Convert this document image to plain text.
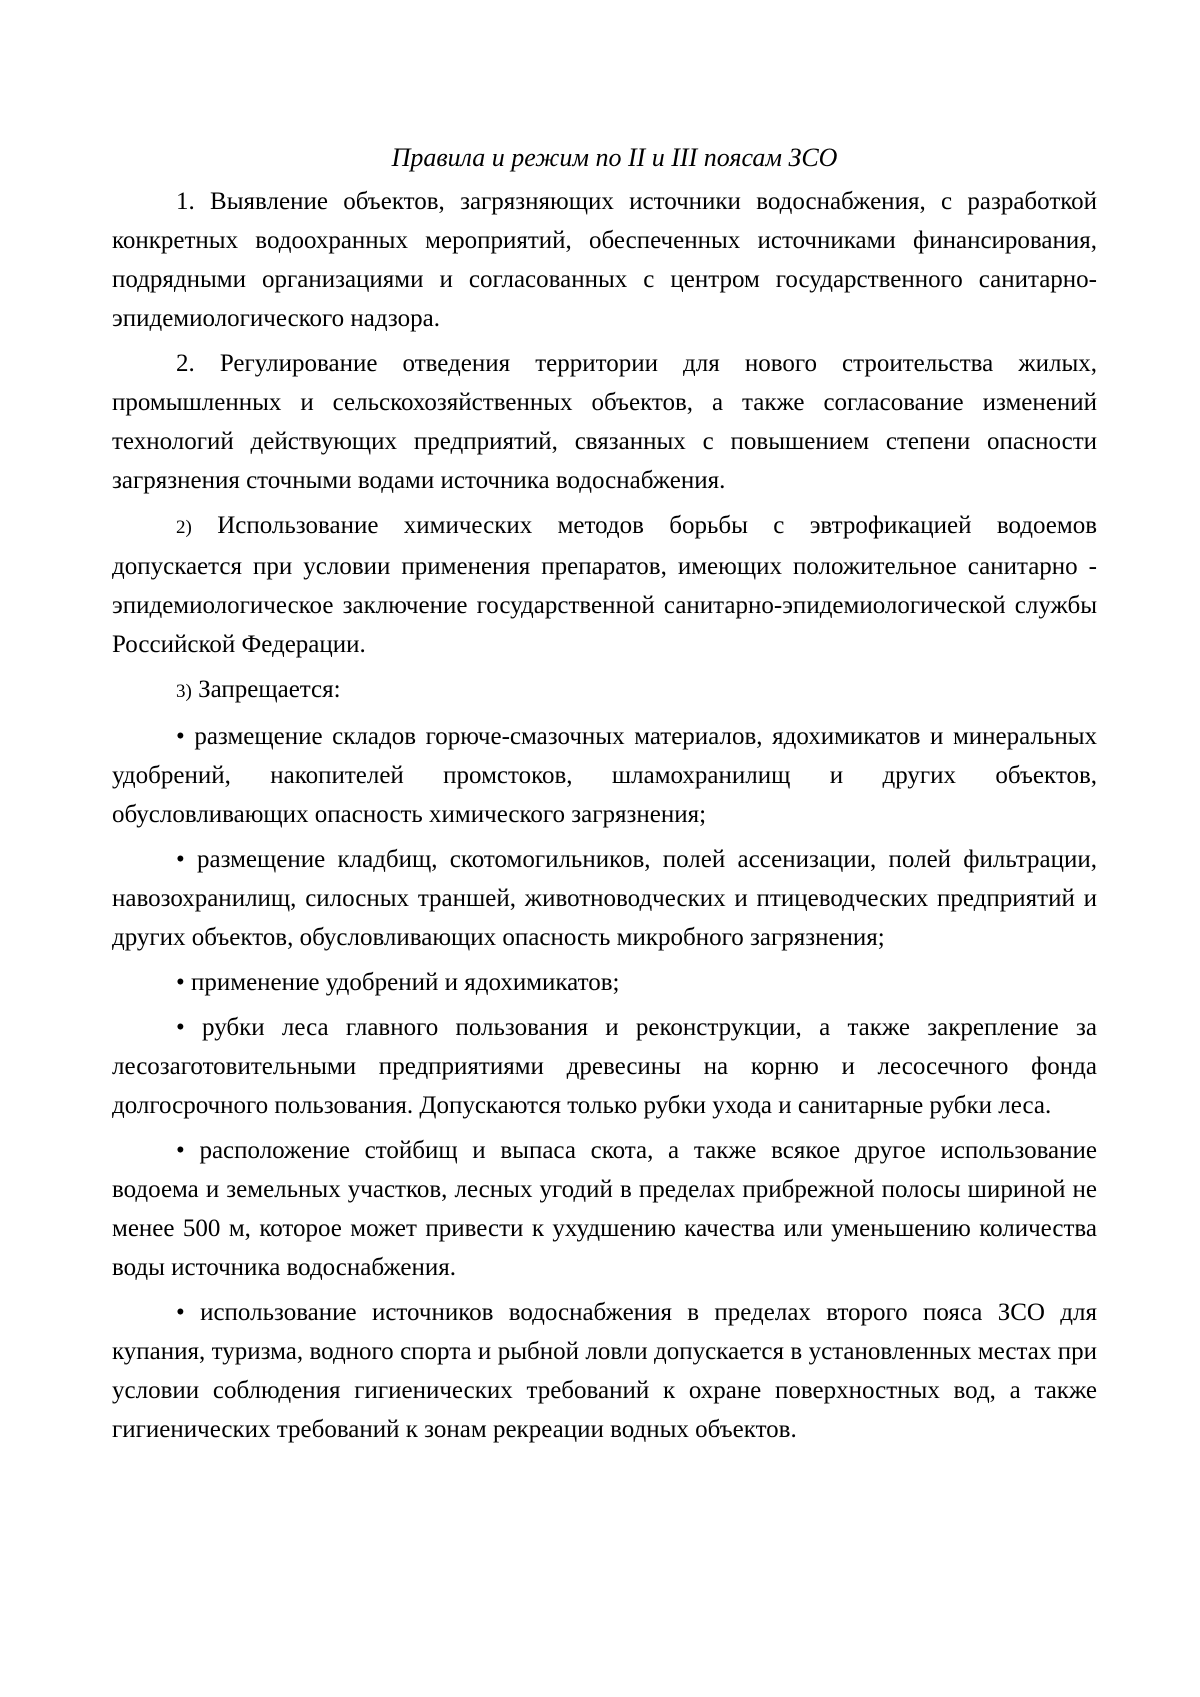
Правила и режим по II и III поясам ЗСО

1. Выявление объектов, загрязняющих источники водоснабжения, с разработкой конкретных водоохранных мероприятий, обеспеченных источниками финансирования, подрядными организациями и согласованных с центром государственного санитарно-эпидемиологического надзора.

2. Регулирование отведения территории для нового строительства жилых, промышленных и сельскохозяйственных объектов, а также согласование изменений технологий действующих предприятий, связанных с повышением степени опасности загрязнения сточными водами источника водоснабжения.

2) Использование химических методов борьбы с эвтрофикацией водоемов допускается при условии применения препаратов, имеющих положительное санитарно - эпидемиологическое заключение государственной санитарно-эпидемиологической службы Российской Федерации.

3) Запрещается:

• размещение складов горюче-смазочных материалов, ядохимикатов и минеральных удобрений, накопителей промстоков, шламохранилищ и других объектов, обусловливающих опасность химического загрязнения;

• размещение кладбищ, скотомогильников, полей ассенизации, полей фильтрации, навозохранилищ, силосных траншей, животноводческих и птицеводческих предприятий и других объектов, обусловливающих опасность микробного загрязнения;

• применение удобрений и ядохимикатов;

• рубки леса главного пользования и реконструкции, а также закрепление за лесозаготовительными предприятиями древесины на корню и лесосечного фонда долгосрочного пользования. Допускаются только рубки ухода и санитарные рубки леса.

• расположение стойбищ и выпаса скота, а также всякое другое использование водоема и земельных участков, лесных угодий в пределах прибрежной полосы шириной не менее 500 м, которое может привести к ухудшению качества или уменьшению количества воды источника водоснабжения.

• использование источников водоснабжения в пределах второго пояса ЗСО для купания, туризма, водного спорта и рыбной ловли допускается в установленных местах при условии соблюдения гигиенических требований к охране поверхностных вод, а также гигиенических требований к зонам рекреации водных объектов.
